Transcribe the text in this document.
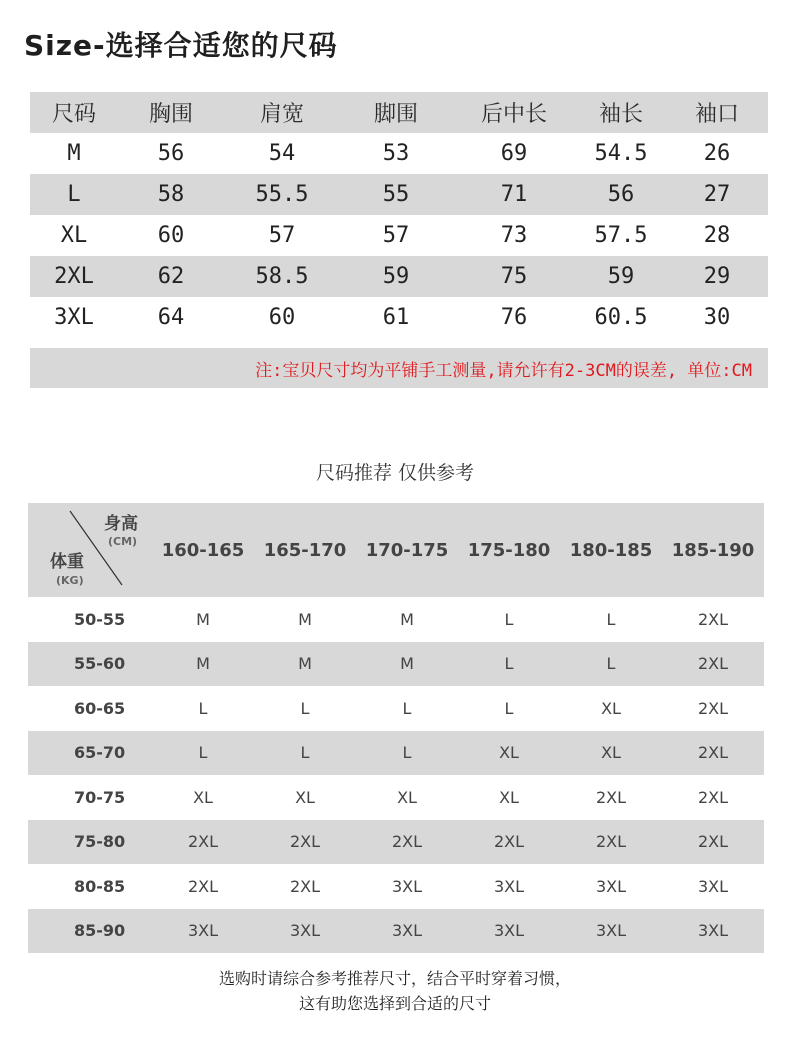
Size-选择合适您的尺码
尺码	胸围	肩宽	脚围	后中长	袖长	袖口
M	56	54	53	69	54.5	26
L	58	55.5	55	71	56	27
XL	60	57	57	73	57.5	28
2XL	62	58.5	59	75	59	29
3XL	64	60	61	76	60.5	30
注:宝贝尺寸均为平铺手工测量,请允许有2-3CM的误差, 单位:CM
尺码推荐 仅供参考
身高
(CM)
体重
(KG)
160-165	165-170	170-175	175-180	180-185	185-190
50-55	M	M	M	L	L	2XL
55-60	M	M	M	L	L	2XL
60-65	L	L	L	L	XL	2XL
65-70	L	L	L	XL	XL	2XL
70-75	XL	XL	XL	XL	2XL	2XL
75-80	2XL	2XL	2XL	2XL	2XL	2XL
80-85	2XL	2XL	3XL	3XL	3XL	3XL
85-90	3XL	3XL	3XL	3XL	3XL	3XL
选购时请综合参考推荐尺寸，结合平时穿着习惯，
这有助您选择到合适的尺寸
